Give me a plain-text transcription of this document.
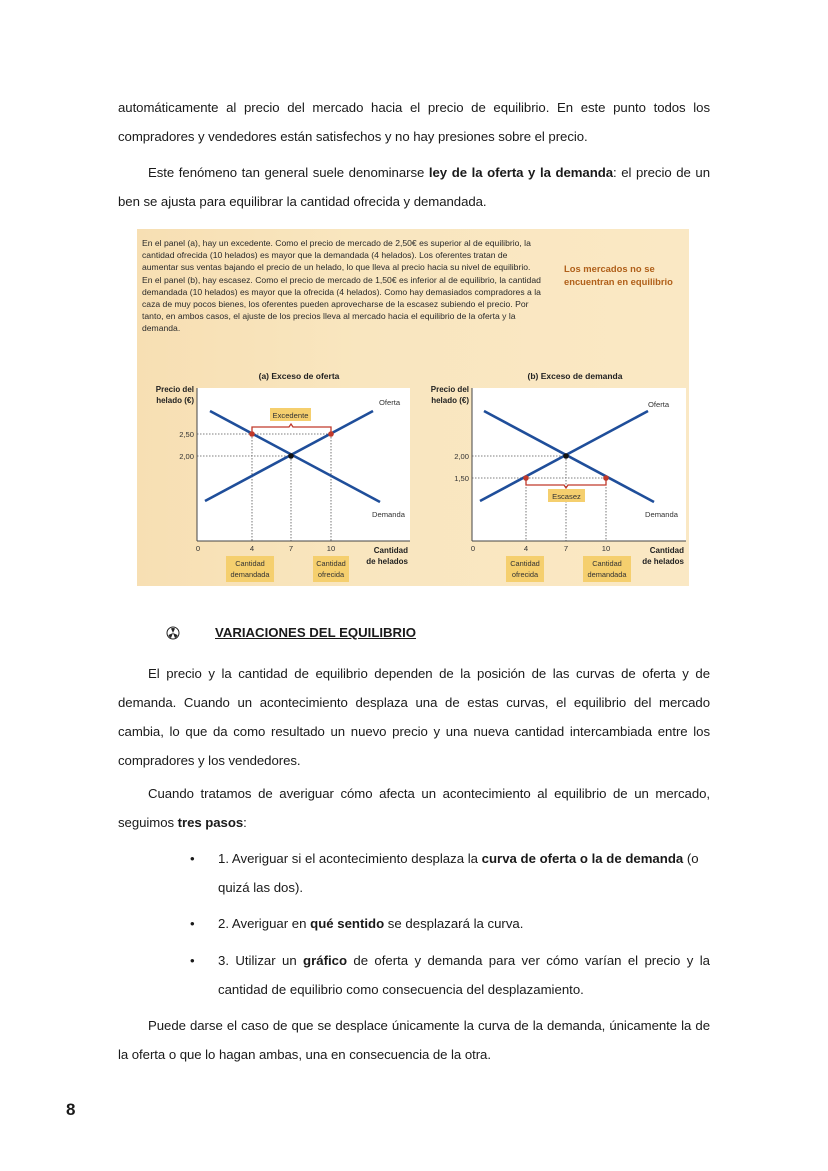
automáticamente al precio del mercado hacia el precio de equilibrio. En este punto todos los
compradores y vendedores están satisfechos y no hay presiones sobre el precio.
Este fenómeno tan general suele denominarse ley de la oferta y la demanda: el precio de un ben se ajusta para equilibrar la cantidad ofrecida y demandada.
En el panel (a), hay un excedente. Como el precio de mercado de 2,50€ es superior al de equilibrio, la cantidad ofrecida (10 helados) es mayor que la demandada (4 helados). Los oferentes tratan de aumentar sus ventas bajando el precio de un helado, lo que lleva al precio hacia su nivel de equilibrio. En el panel (b), hay escasez. Como el precio de mercado de 1,50€ es inferior al de equilibrio, la cantidad demandada (10 helados) es mayor que la ofrecida (4 helados). Como hay demasiados compradores a la caza de muy pocos bienes, los oferentes pueden aprovecharse de la escasez subiendo el precio. Por tanto, en ambos casos, el ajuste de los precios lleva al mercado hacia el equilibrio de la oferta y la demanda.
Los mercados no se encuentran en equilibrio
(a) Exceso de oferta
Precio del
helado (€)
Excedente
Oferta
Demanda
2,50
2,00
0	4	7	10	Cantidad
de helados
Cantidad
demandada
Cantidad
ofrecida
(b) Exceso de demanda
Precio del
helado (€)
Escasez
Oferta
Demanda
2,00
1,50
0	4	7	10	Cantidad
de helados
Cantidad
ofrecida
Cantidad
demandada
VARIACIONES DEL EQUILIBRIO
El precio y la cantidad de equilibrio dependen de la posición de las curvas de oferta y de demanda. Cuando un acontecimiento desplaza una de estas curvas, el equilibrio del mercado cambia, lo que da como resultado un nuevo precio y una nueva cantidad intercambiada entre los compradores y los vendedores.
Cuando tratamos de averiguar cómo afecta un acontecimiento al equilibrio de un mercado, seguimos tres pasos:
• 1. Averiguar si el acontecimiento desplaza la curva de oferta o la de demanda (o quizá las dos).
• 2. Averiguar en qué sentido se desplazará la curva.
• 3. Utilizar un gráfico de oferta y demanda para ver cómo varían el precio y la cantidad de equilibrio como consecuencia del desplazamiento.
Puede darse el caso de que se desplace únicamente la curva de la demanda, únicamente la de la oferta o que lo hagan ambas, una en consecuencia de la otra.
8
